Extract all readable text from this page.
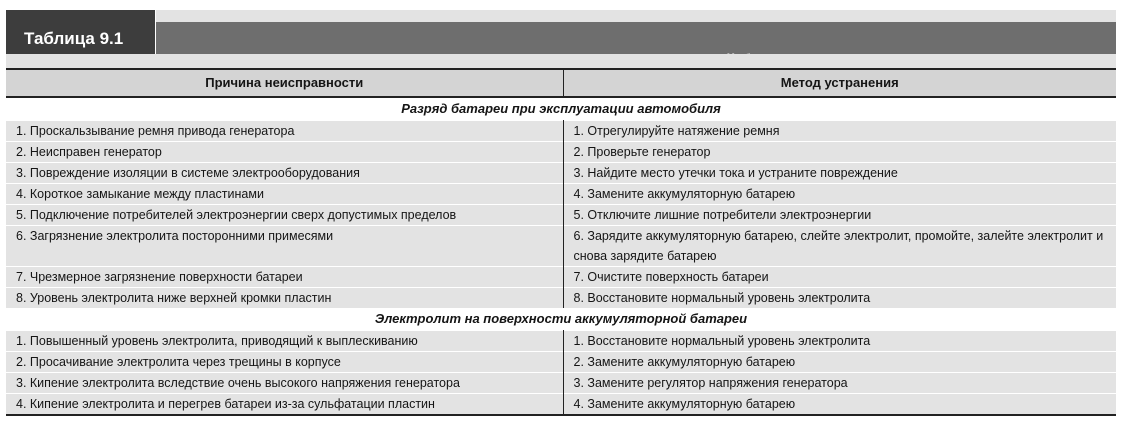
Таблица 9.1
Причина неисправности	Метод устранения
Разряд батареи при эксплуатации автомобиля	
1. Проскальзывание ремня привода генератора	1. Отрегулируйте натяжение ремня
2. Неисправен генератор	2. Проверьте генератор
3. Повреждение изоляции в системе электрооборудования	3. Найдите место утечки тока и устраните повреждение
4. Короткое замыкание между пластинами	4. Замените аккумуляторную батарею
5. Подключение потребителей электроэнергии сверх допустимых пределов	5. Отключите лишние потребители электроэнергии
6. Загрязнение электролита посторонними примесями	6. Зарядите аккумуляторную батарею, слейте электролит, промойте, залейте электролит и снова зарядите батарею
7. Чрезмерное загрязнение поверхности батареи	7. Очистите поверхность батареи
8. Уровень электролита ниже верхней кромки пластин	8. Восстановите нормальный уровень электролита
Электролит на поверхности аккумуляторной батареи	
1. Повышенный уровень электролита, приводящий к выплескиванию	1. Восстановите нормальный уровень электролита
2. Просачивание электролита через трещины в корпусе	2. Замените аккумуляторную батарею
3. Кипение электролита вследствие очень высокого напряжения генератора	3. Замените регулятор напряжения генератора
4. Кипение электролита и перегрев батареи из-за сульфатации пластин	4. Замените аккумуляторную батарею
